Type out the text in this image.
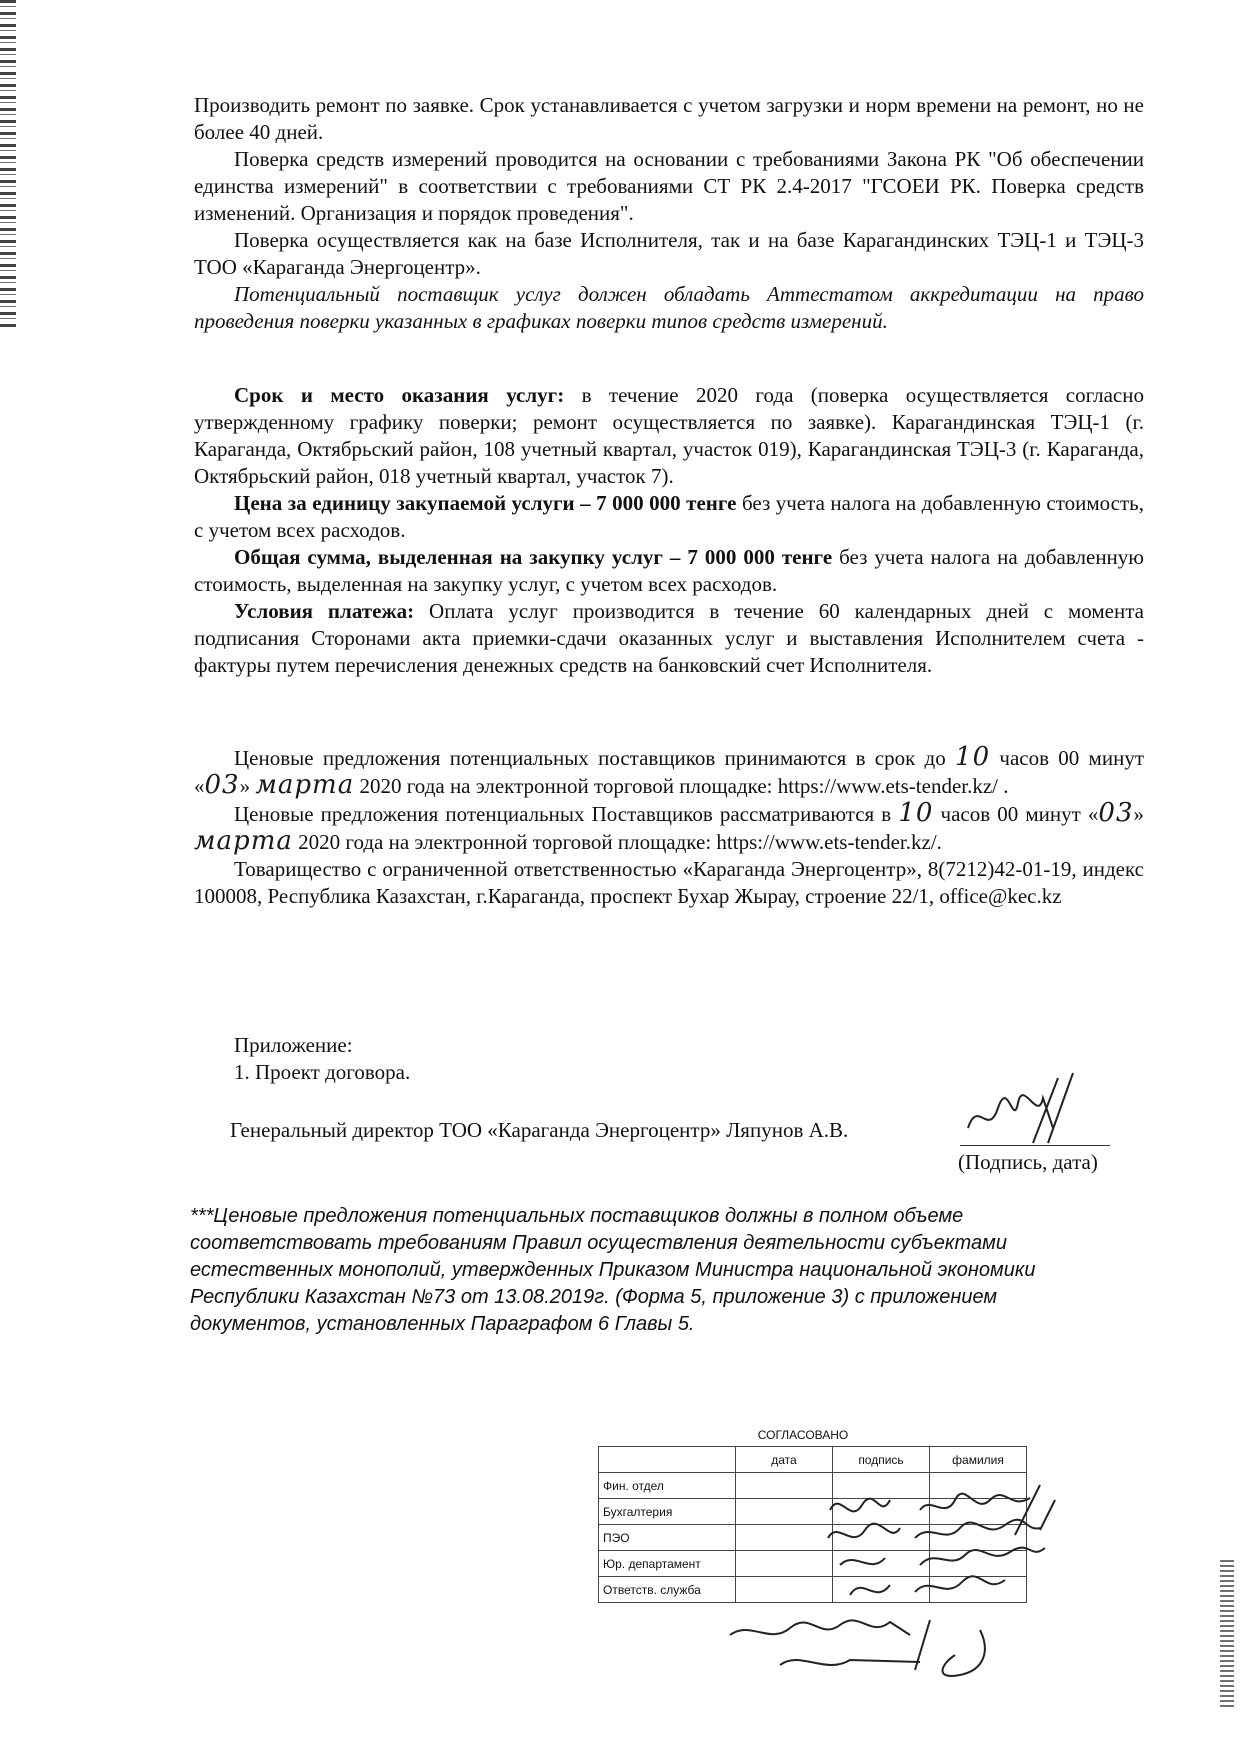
Производить ремонт по заявке. Срок устанавливается с учетом загрузки и норм времени на ремонт, но не более 40 дней.

Поверка средств измерений проводится на основании с требованиями Закона РК "Об обеспечении единства измерений" в соответствии с требованиями СТ РК 2.4-2017 "ГСОЕИ РК. Поверка средств изменений. Организация и порядок проведения".

Поверка осуществляется как на базе Исполнителя, так и на базе Карагандинских ТЭЦ-1 и ТЭЦ-3 ТОО «Караганда Энергоцентр».

Потенциальный поставщик услуг должен обладать Аттестатом аккредитации на право проведения поверки указанных в графиках поверки типов средств измерений.

Срок и место оказания услуг: в течение 2020 года (поверка осуществляется согласно утвержденному графику поверки; ремонт осуществляется по заявке). Карагандинская ТЭЦ-1 (г. Караганда, Октябрьский район, 108 учетный квартал, участок 019), Карагандинская ТЭЦ-3 (г. Караганда, Октябрьский район, 018 учетный квартал, участок 7).

Цена за единицу закупаемой услуги – 7 000 000 тенге без учета налога на добавленную стоимость, с учетом всех расходов.

Общая сумма, выделенная на закупку услуг – 7 000 000 тенге без учета налога на добавленную стоимость, выделенная на закупку услуг, с учетом всех расходов.

Условия платежа: Оплата услуг производится в течение 60 календарных дней с момента подписания Сторонами акта приемки-сдачи оказанных услуг и выставления Исполнителем счета - фактуры путем перечисления денежных средств на банковский счет Исполнителя.

Ценовые предложения потенциальных поставщиков принимаются в срок до 10 часов 00 минут «03» марта 2020 года на электронной торговой площадке: https://www.ets-tender.kz/ .

Ценовые предложения потенциальных Поставщиков рассматриваются в 10 часов 00 минут «03» марта 2020 года на электронной торговой площадке: https://www.ets-tender.kz/.

Товарищество с ограниченной ответственностью «Караганда Энергоцентр», 8(7212)42-01-19, индекс 100008, Республика Казахстан, г.Караганда, проспект Бухар Жырау, строение 22/1, office@kec.kz

Приложение:

1. Проект договора.

Генеральный директор ТОО «Караганда Энергоцентр» Ляпунов А.В.
(Подпись, дата)
***Ценовые предложения потенциальных поставщиков должны в полном объеме соответствовать требованиям Правил осуществления деятельности субъектами естественных монополий, утвержденных Приказом Министра национальной экономики Республики Казахстан №73 от 13.08.2019г. (Форма 5, приложение 3) с приложением документов, установленных Параграфом 6 Главы 5.
СОГЛАСОВАНО
	дата	подпись	фамилия
Фин. отдел			
Бухгалтерия			
ПЭО			
Юр. департамент			
Ответств. служба			
